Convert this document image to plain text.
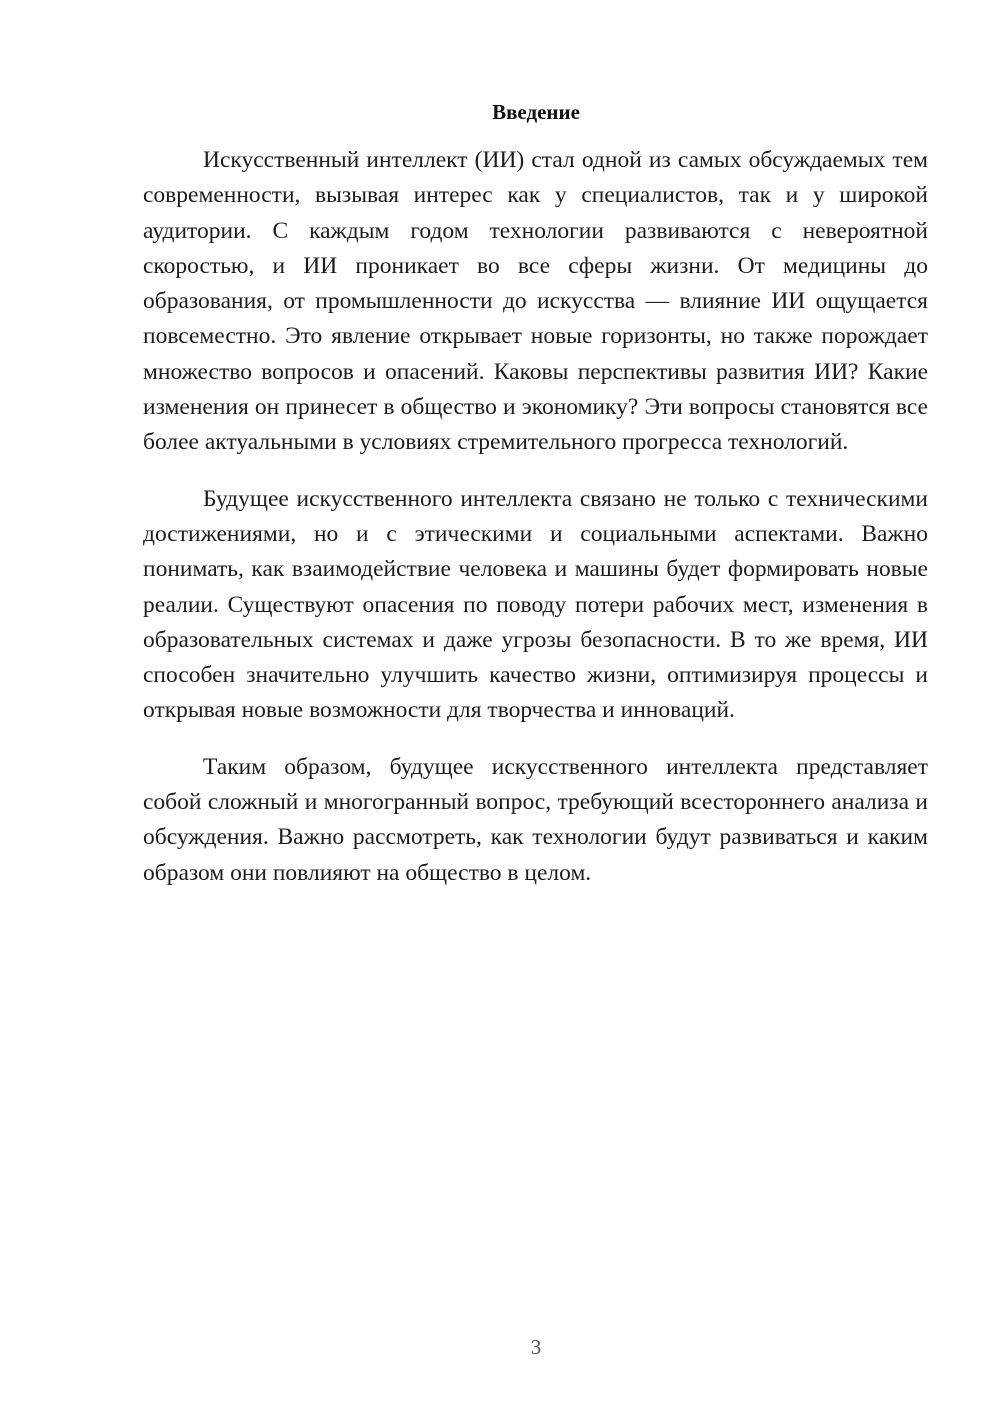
Введение

Искусственный интеллект (ИИ) стал одной из самых обсуждаемых тем современности, вызывая интерес как у специалистов, так и у широкой аудитории. С каждым годом технологии развиваются с невероятной скоростью, и ИИ проникает во все сферы жизни. От медицины до образования, от промышленности до искусства — влияние ИИ ощущается повсеместно. Это явление открывает новые горизонты, но также порождает множество вопросов и опасений. Каковы перспективы развития ИИ? Какие изменения он принесет в общество и экономику? Эти вопросы становятся все более актуальными в условиях стремительного прогресса технологий.

Будущее искусственного интеллекта связано не только с техническими достижениями, но и с этическими и социальными аспектами. Важно понимать, как взаимодействие человека и машины будет формировать новые реалии. Существуют опасения по поводу потери рабочих мест, изменения в образовательных системах и даже угрозы безопасности. В то же время, ИИ способен значительно улучшить качество жизни, оптимизируя процессы и открывая новые возможности для творчества и инноваций.

Таким образом, будущее искусственного интеллекта представляет собой сложный и многогранный вопрос, требующий всестороннего анализа и обсуждения. Важно рассмотреть, как технологии будут развиваться и каким образом они повлияют на общество в целом.

3
